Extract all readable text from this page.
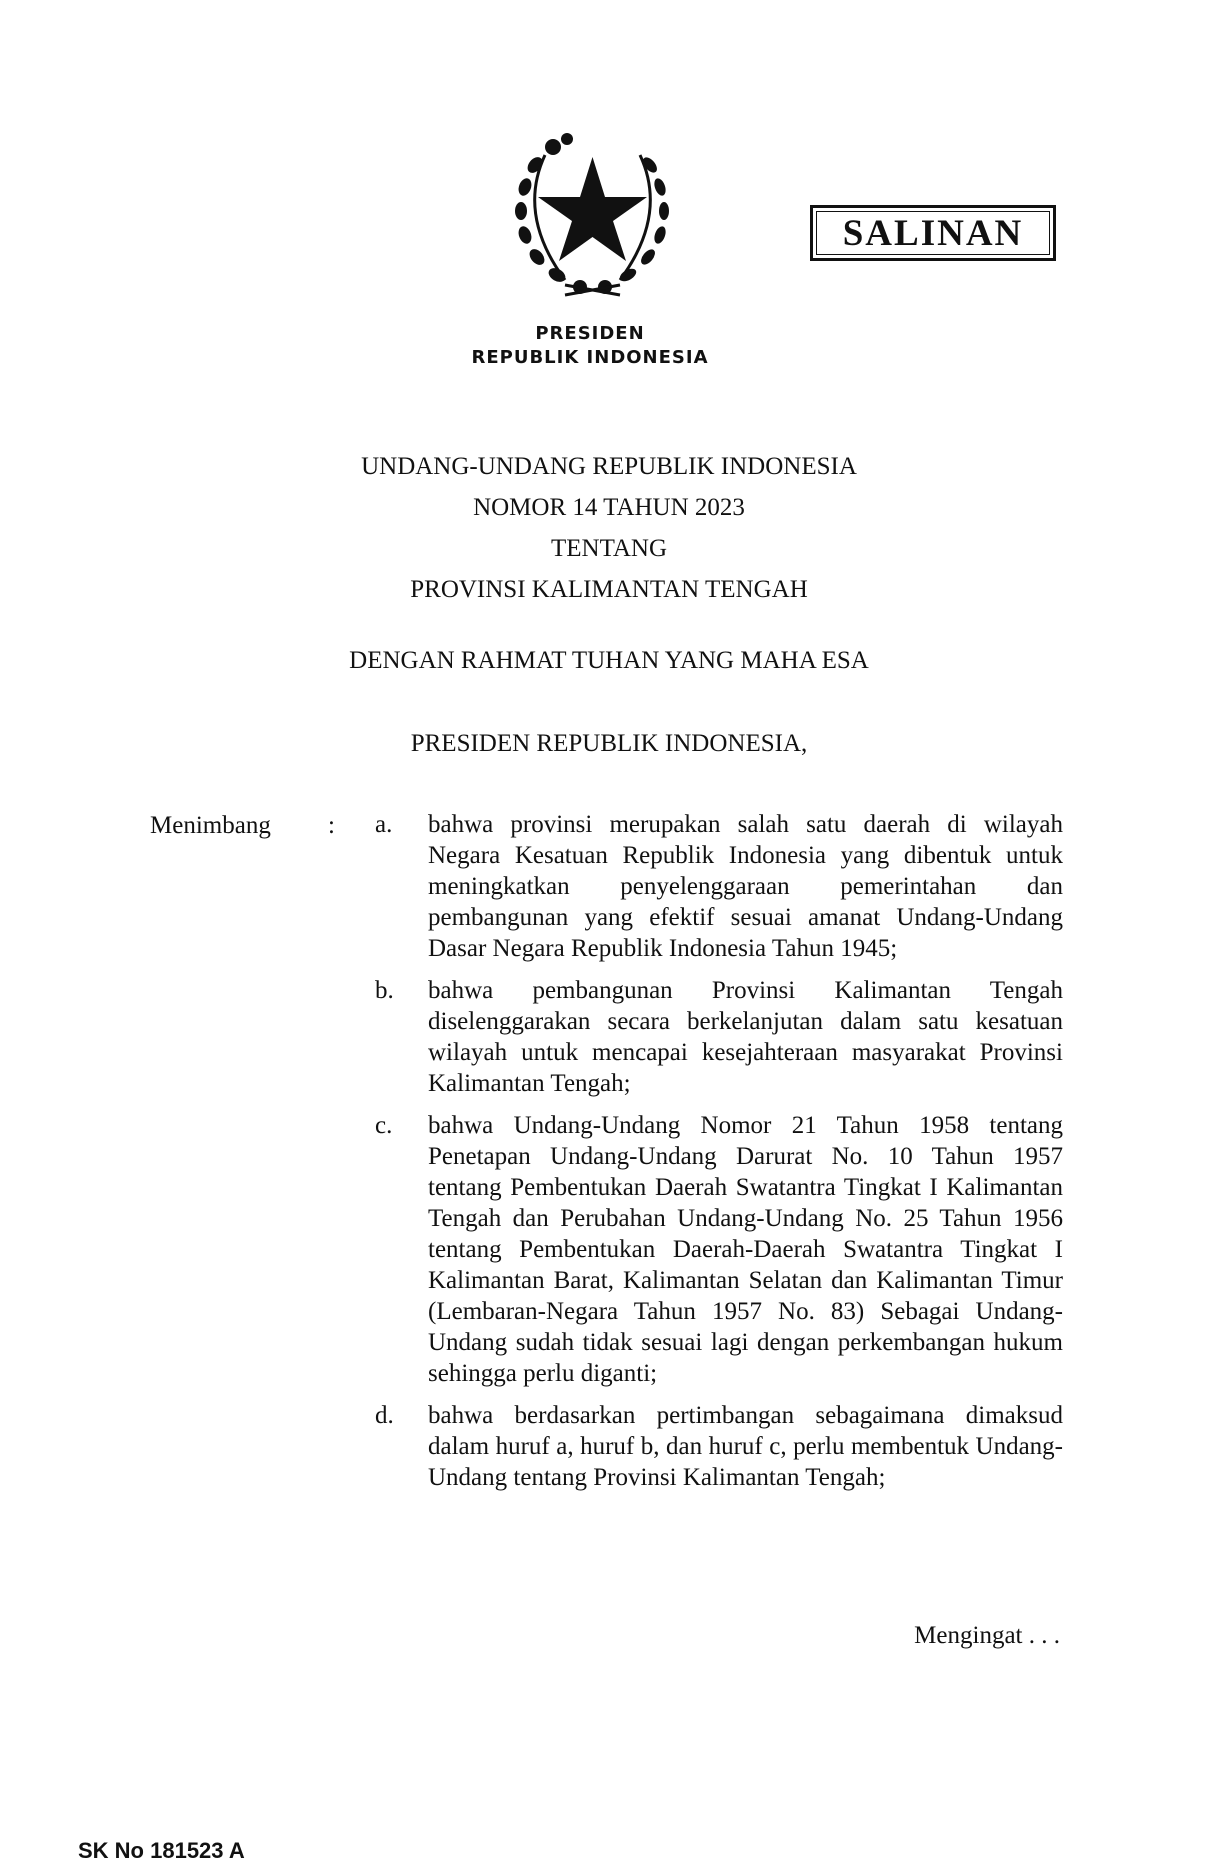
SALINAN
PRESIDEN
REPUBLIK INDONESIA
UNDANG-UNDANG REPUBLIK INDONESIA
NOMOR 14 TAHUN 2023
TENTANG
PROVINSI KALIMANTAN TENGAH
DENGAN RAHMAT TUHAN YANG MAHA ESA
PRESIDEN REPUBLIK INDONESIA,
Menimbang : a.	bahwa provinsi merupakan salah satu daerah di wilayah Negara Kesatuan Republik Indonesia yang dibentuk untuk meningkatkan penyelenggaraan pemerintahan dan pembangunan yang efektif sesuai amanat Undang-Undang Dasar Negara Republik Indonesia Tahun 1945;
b.	bahwa pembangunan Provinsi Kalimantan Tengah diselenggarakan secara berkelanjutan dalam satu kesatuan wilayah untuk mencapai kesejahteraan masyarakat Provinsi Kalimantan Tengah;
c.	bahwa Undang-Undang Nomor 21 Tahun 1958 tentang Penetapan Undang-Undang Darurat No. 10 Tahun 1957 tentang Pembentukan Daerah Swatantra Tingkat I Kalimantan Tengah dan Perubahan Undang-Undang No. 25 Tahun 1956 tentang Pembentukan Daerah-Daerah Swatantra Tingkat I Kalimantan Barat, Kalimantan Selatan dan Kalimantan Timur (Lembaran-Negara Tahun 1957 No. 83) Sebagai Undang-Undang sudah tidak sesuai lagi dengan perkembangan hukum sehingga perlu diganti;
d.	bahwa berdasarkan pertimbangan sebagaimana dimaksud dalam huruf a, huruf b, dan huruf c, perlu membentuk Undang-Undang tentang Provinsi Kalimantan Tengah;
Mengingat . . .
SK No 181523 A
